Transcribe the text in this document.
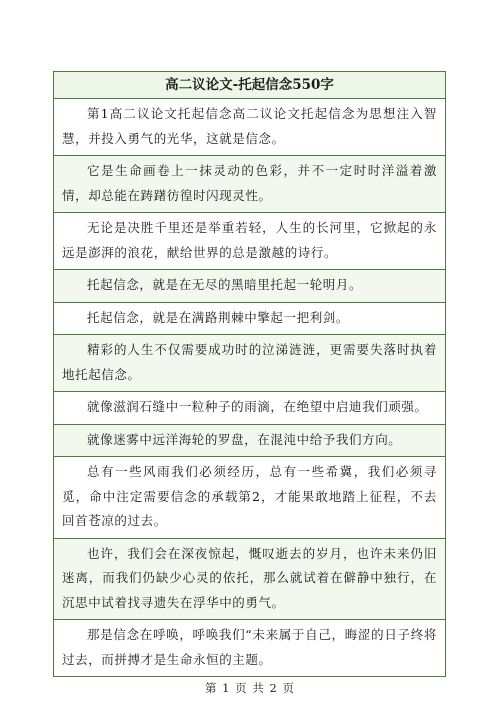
高二议论文-托起信念550字

第1高二议论文托起信念高二议论文托起信念为思想注入智慧，并投入勇气的光华，这就是信念。

它是生命画卷上一抹灵动的色彩，并不一定时时洋溢着激情，却总能在踌躇彷徨时闪现灵性。

无论是决胜千里还是举重若轻，人生的长河里，它掀起的永远是澎湃的浪花，献给世界的总是激越的诗行。

托起信念，就是在无尽的黑暗里托起一轮明月。

托起信念，就是在满路荆棘中擎起一把利剑。

精彩的人生不仅需要成功时的泣涕涟涟，更需要失落时执着地托起信念。

就像滋润石缝中一粒种子的雨滴，在绝望中启迪我们顽强。

就像迷雾中远洋海轮的罗盘，在混沌中给予我们方向。

总有一些风雨我们必须经历，总有一些希冀，我们必须寻觅，命中注定需要信念的承载第2，才能果敢地踏上征程，不去回首苍凉的过去。

也许，我们会在深夜惊起，慨叹逝去的岁月，也许未来仍旧迷离，而我们仍缺少心灵的依托，那么就试着在僻静中独行，在沉思中试着找寻遗失在浮华中的勇气。

那是信念在呼唤，呼唤我们“未来属于自己，晦涩的日子终将过去，而拼搏才是生命永恒的主题。
第 1 页 共 2 页
